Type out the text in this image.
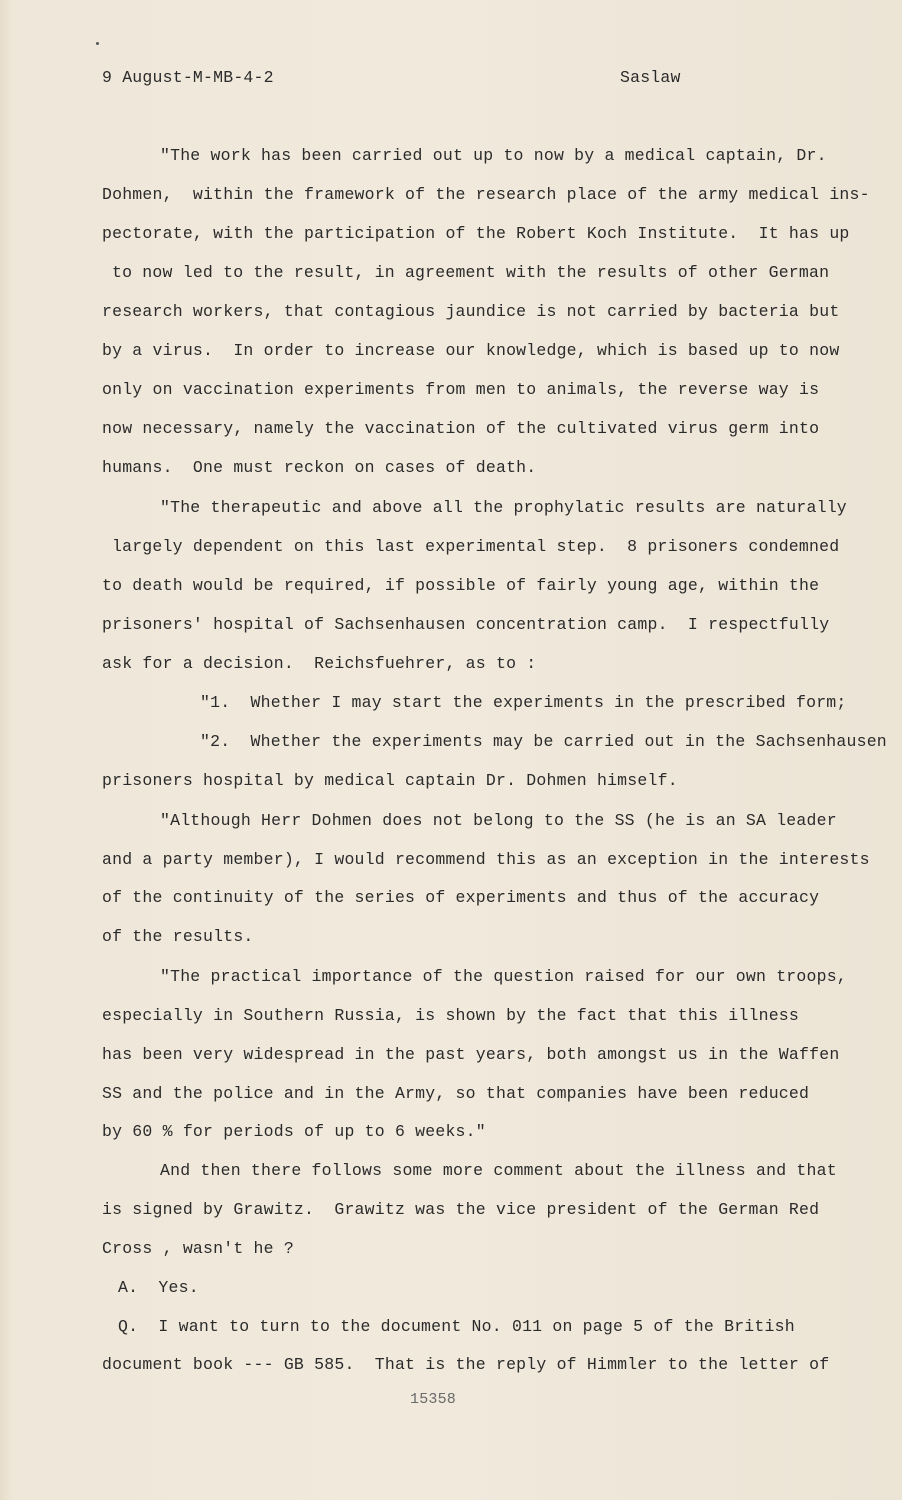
9 August-M-MB-4-2	Saslaw
"The work has been carried out up to now by a medical captain, Dr.
Dohmen,  within the framework of the research place of the army medical ins-
pectorate, with the participation of the Robert Koch Institute.  It has up
to now led to the result, in agreement with the results of other German
research workers, that contagious jaundice is not carried by bacteria but
by a virus.  In order to increase our knowledge, which is based up to now
only on vaccination experiments from men to animals, the reverse way is
now necessary, namely the vaccination of the cultivated virus germ into
humans.  One must reckon on cases of death.
"The therapeutic and above all the prophylatic results are naturally
largely dependent on this last experimental step.  8 prisoners condemned
to death would be required, if possible of fairly young age, within the
prisoners' hospital of Sachsenhausen concentration camp.  I respectfully
ask for a decision.  Reichsfuehrer, as to :
"1.  Whether I may start the experiments in the prescribed form;
"2.  Whether the experiments may be carried out in the Sachsenhausen
prisoners hospital by medical captain Dr. Dohmen himself.
"Although Herr Dohmen does not belong to the SS (he is an SA leader
and a party member), I would recommend this as an exception in the interests
of the continuity of the series of experiments and thus of the accuracy
of the results.
"The practical importance of the question raised for our own troops,
especially in Southern Russia, is shown by the fact that this illness
has been very widespread in the past years, both amongst us in the Waffen
SS and the police and in the Army, so that companies have been reduced
by 60 % for periods of up to 6 weeks."
And then there follows some more comment about the illness and that
is signed by Grawitz.  Grawitz was the vice president of the German Red
Cross , wasn't he ?
A.  Yes.
Q.  I want to turn to the document No. 011 on page 5 of the British
document book --- GB 585.  That is the reply of Himmler to the letter of
15358
